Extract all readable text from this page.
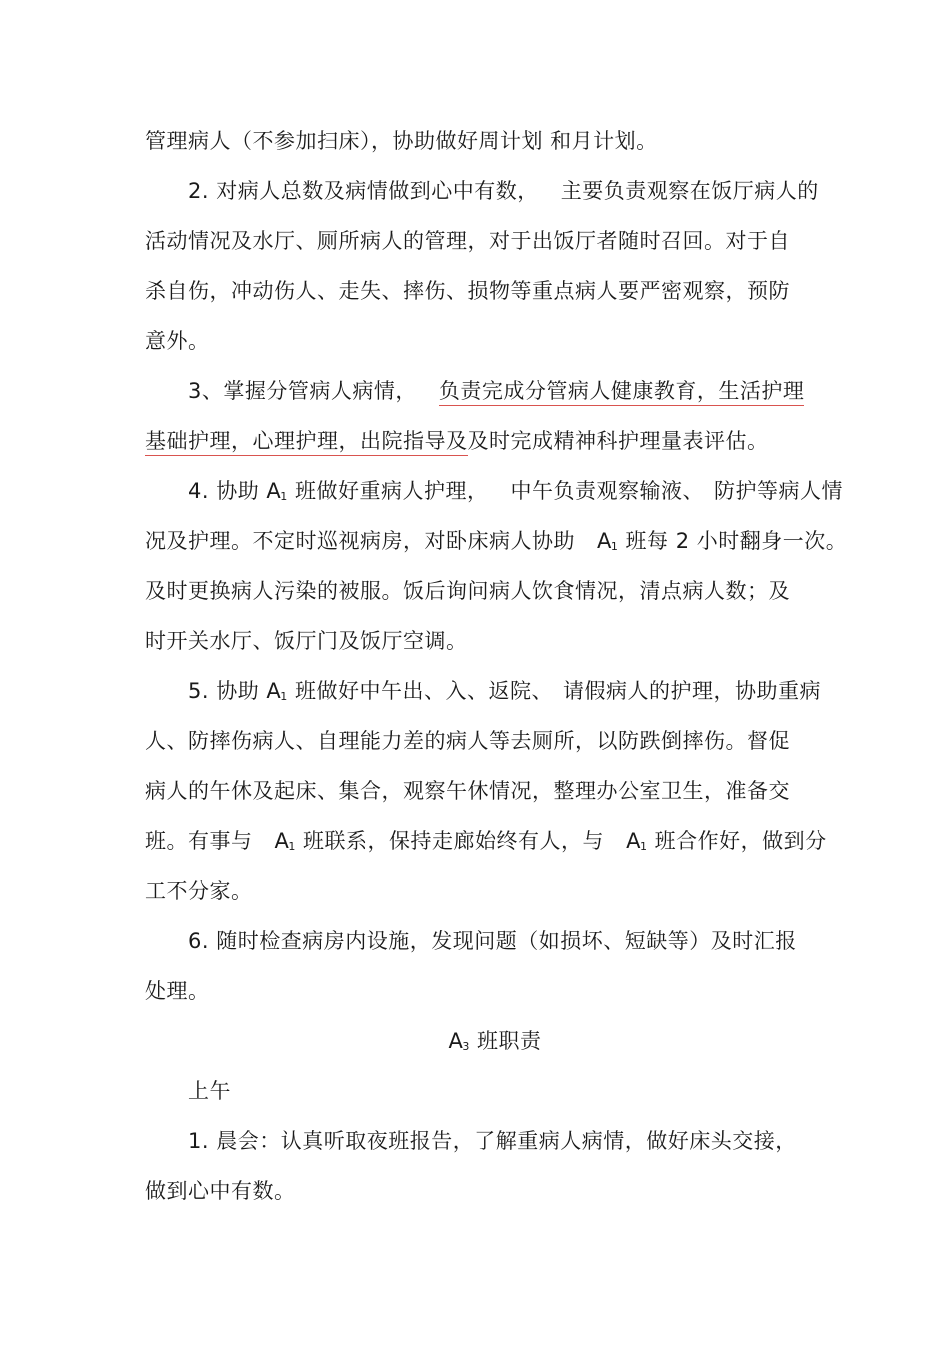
管理病人（不参加扫床），协助做好周计划 和月计划。
2. 对病人总数及病情做到心中有数， 主要负责观察在饭厅病人的
活动情况及水厅、厕所病人的管理，对于出饭厅者随时召回。对于自
杀自伤，冲动伤人、走失、摔伤、损物等重点病人要严密观察，预防
意外。
3、掌握分管病人病情， 负责完成分管病人健康教育，生活护理
基础护理，心理护理，出院指导及及时完成精神科护理量表评估。
4. 协助 A1 班做好重病人护理， 中午负责观察输液、 防护等病人情
况及护理。不定时巡视病房，对卧床病人协助 A1 班每 2 小时翻身一次。
及时更换病人污染的被服。饭后询问病人饮食情况，清点病人数；及
时开关水厅、饭厅门及饭厅空调。
5. 协助 A1 班做好中午出、入、返院、 请假病人的护理，协助重病
人、防摔伤病人、自理能力差的病人等去厕所，以防跌倒摔伤。督促
病人的午休及起床、集合，观察午休情况，整理办公室卫生，准备交
班。有事与 A1 班联系，保持走廊始终有人，与 A1 班合作好，做到分
工不分家。
6. 随时检查病房内设施，发现问题（如损坏、短缺等）及时汇报
处理。
A3 班职责
上午
1. 晨会：认真听取夜班报告，了解重病人病情，做好床头交接，
做到心中有数。
